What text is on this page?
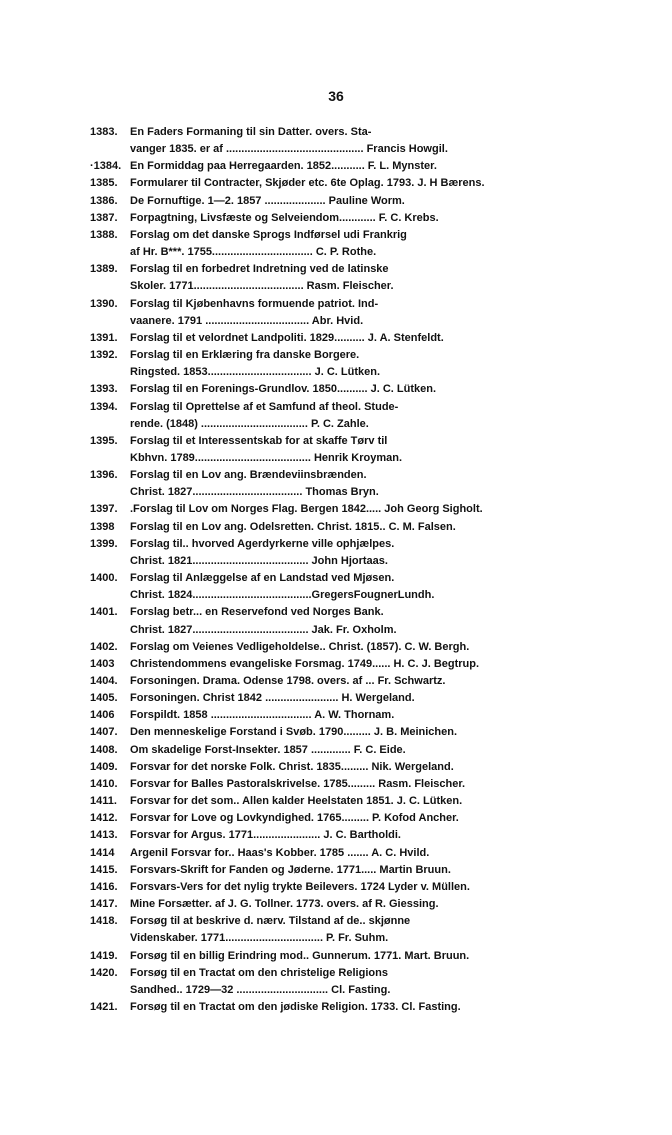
36
1383.	En Faders Formaning til sin Datter. overs. Sta-
vanger 1835. er af ............................................. Francis Howgil.
·1384. En Formiddag paa Herregaarden. 1852........... F. L. Mynster.
1385.	Formularer til Contracter, Skjøder etc. 6te Oplag. 1793. J. H Bærens.
1386.	De Fornuftige. 1—2. 1857 .................... Pauline Worm.
1387.	Forpagtning, Livsfæste og Selveiendom............ F. C. Krebs.
1388.	Forslag om det danske Sprogs Indførsel udi Frankrig
af Hr. B***. 1755................................. C. P. Rothe.
1389.	Forslag til en forbedret Indretning ved de latinske
Skoler. 1771.................................... Rasm. Fleischer.
1390.	Forslag til Kjøbenhavns formuende patriot. Ind-
vaanere. 1791 .................................. Abr. Hvid.
1391.	Forslag til et velordnet Landpoliti. 1829.......... J. A. Stenfeldt.
1392.	Forslag til en Erklæring fra danske Borgere.
Ringsted. 1853.................................. J. C. Lütken.
1393.	Forslag til en Forenings-Grundlov. 1850.......... J. C. Lütken.
1394.	Forslag til Oprettelse af et Samfund af theol. Stude-
rende. (1848) ................................... P. C. Zahle.
1395.	Forslag til et Interessentskab for at skaffe Tørv til
Kbhvn. 1789...................................... Henrik Kroyman.
1396.	Forslag til en Lov ang. Brændeviinsbrænden.
Christ. 1827.................................... Thomas Bryn.
1397.	.Forslag til Lov om Norges Flag. Bergen 1842..... Joh Georg Sigholt.
1398	Forslag til en Lov ang. Odelsretten. Christ. 1815.. C. M. Falsen.
1399.	Forslag til.. hvorved Agerdyrkerne ville ophjælpes.
Christ. 1821...................................... John Hjortaas.
1400.	Forslag til Anlæggelse af en Landstad ved Mjøsen.
Christ. 1824.......................................GregersFougnerLundh.
1401.	Forslag betr... en Reservefond ved Norges Bank.
Christ. 1827...................................... Jak. Fr. Oxholm.
1402.	Forslag om Veienes Vedligeholdelse.. Christ. (1857). C. W. Bergh.
1403	Christendommens evangeliske Forsmag. 1749...... H. C. J. Begtrup.
1404.	Forsoningen. Drama. Odense 1798. overs. af ... Fr. Schwartz.
1405.	Forsoningen. Christ 1842 ........................ H. Wergeland.
1406	Forspildt. 1858 ................................. A. W. Thornam.
1407.	Den menneskelige Forstand i Svøb. 1790......... J. B. Meinichen.
1408.	Om skadelige Forst-Insekter. 1857 ............. F. C. Eide.
1409.	Forsvar for det norske Folk. Christ. 1835......... Nik. Wergeland.
1410.	Forsvar for Balles Pastoralskrivelse. 1785......... Rasm. Fleischer.
1411.	Forsvar for det som.. Allen kalder Heelstaten 1851. J. C. Lütken.
1412.	Forsvar for Love og Lovkyndighed. 1765......... P. Kofod Ancher.
1413.	Forsvar for Argus. 1771...................... J. C. Bartholdi.
1414	Argenil Forsvar for.. Haas's Kobber. 1785 ....... A. C. Hvild.
1415.	Forsvars-Skrift for Fanden og Jøderne. 1771..... Martin Bruun.
1416.	Forsvars-Vers for det nylig trykte Beilevers. 1724 Lyder v. Müllen.
1417.	Mine Forsætter. af J. G. Tollner. 1773. overs. af R. Giessing.
1418.	Forsøg til at beskrive d. nærv. Tilstand af de.. skjønne
Videnskaber. 1771................................ P. Fr. Suhm.
1419.	Forsøg til en billig Erindring mod.. Gunnerum. 1771. Mart. Bruun.
1420.	Forsøg til en Tractat om den christelige Religions
Sandhed.. 1729—32 .............................. Cl. Fasting.
1421.	Forsøg til en Tractat om den jødiske Religion. 1733. Cl. Fasting.
